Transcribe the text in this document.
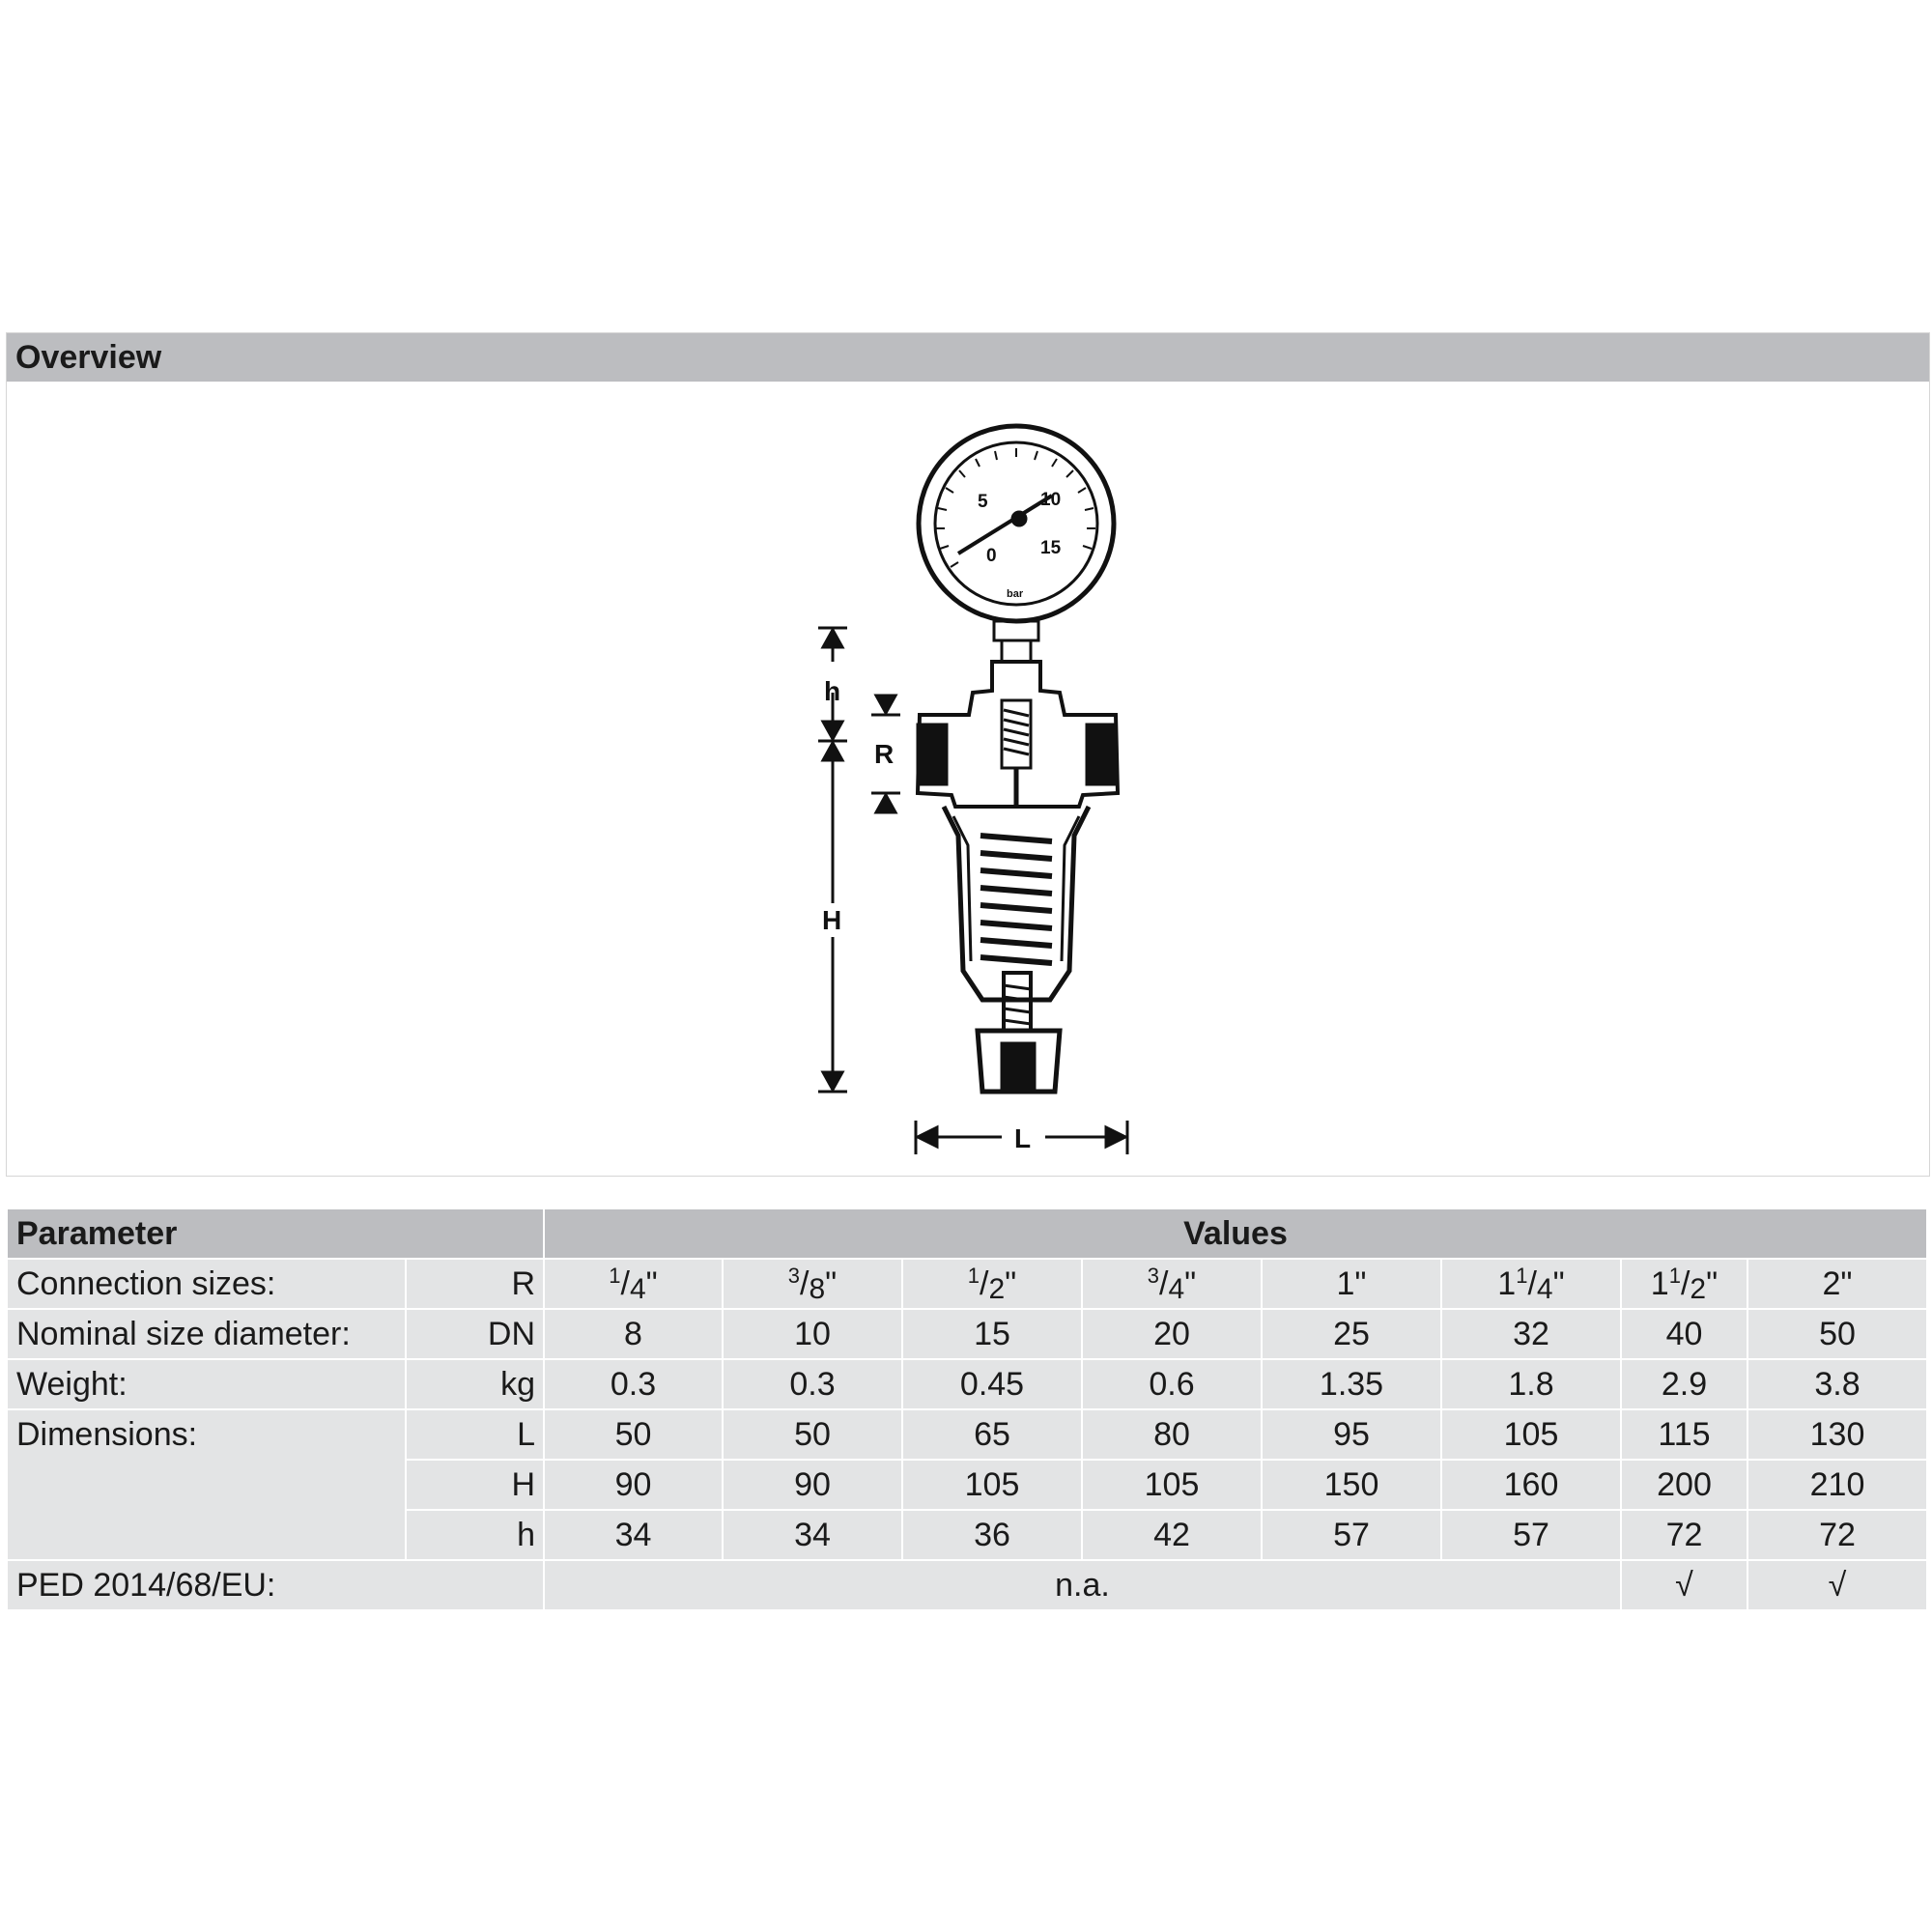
Overview
0
5	10
15
bar
h
R
H
L
Parameter		Values							
Connection sizes:	R	$^1/_4$"	$^3/_8$"	$^1/_2$"	$^3/_4$"	1"	$1^1/_4$"	$1^1/_2$"	2"
Nominal size diameter:	DN	8	10	15	20	25	32	40	50
Weight:	kg	0.3	0.3	0.45	0.6	1.35	1.8	2.9	3.8
Dimensions:	L	50	50	65	80	95	105	115	130
	H	90	90	105	105	150	160	200	210
	h	34	34	36	42	57	57	72	72
PED 2014/68/EU:		n.a.						√	√
